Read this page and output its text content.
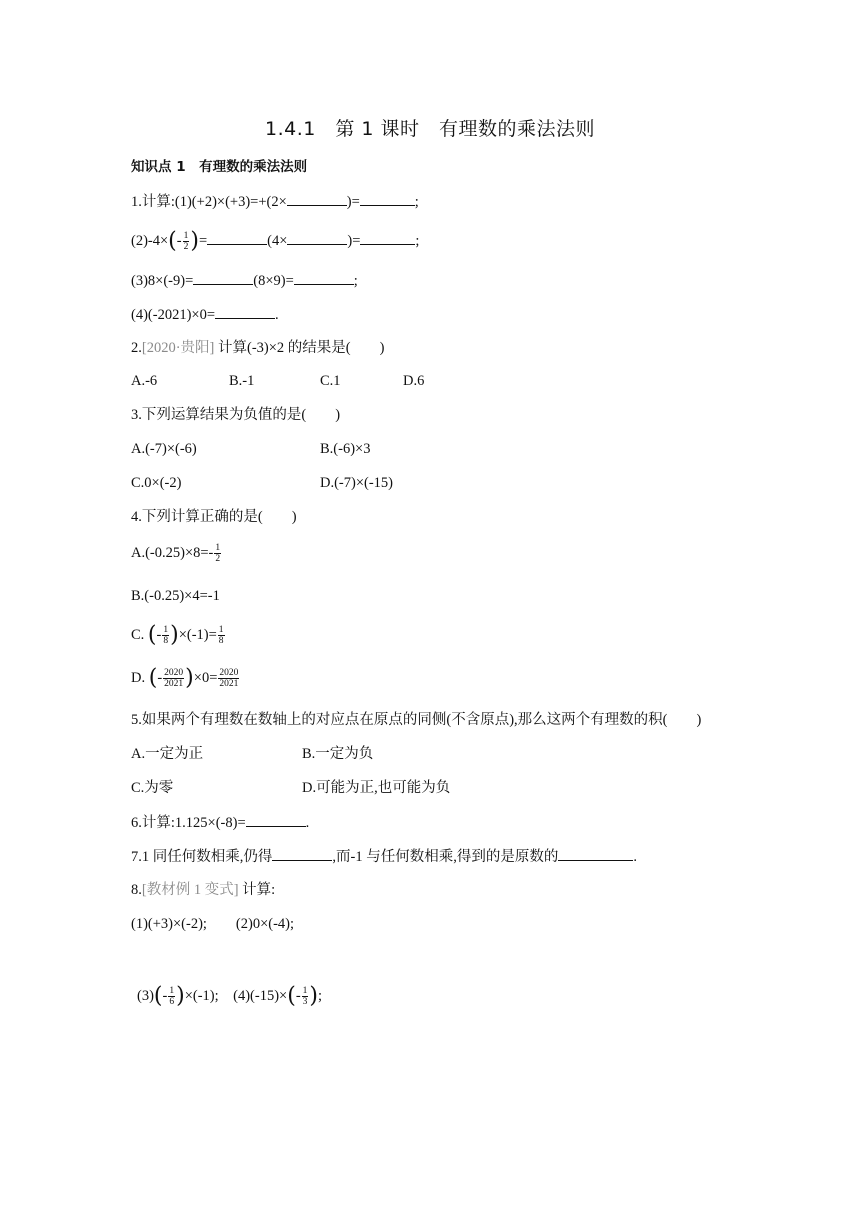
1.4.1　第 1 课时　有理数的乘法法则
知识点 1　有理数的乘法法则
1.计算:(1)(+2)×(+3)=+(2×	)=	;
$(2)-4\times(- \frac{1}{2}$ )=	(4×	)=	;
(3)8×(-9)=	(8×9)=	;
(4)(-2021)×0=	.
2.[2020·贵阳] 计算(-3)×2 的结果是(　　)
A.-6	B.-1	C.1	D.6
3.下列运算结果为负值的是(　　)
A.(-7)×(-6)	B.(-6)×3
C.0×(-2)	D.(-7)×(-15)
4.下列计算正确的是(　　)
$A.(-0.25)\times 8=- \frac{1}{2}$
B.(-0.25)×4=-1
C. (- $\frac{1}{8} )\times(-1)= \frac{1}{8}$
D. (- $\frac{2020}{2021} )\times 0= \frac{2020}{2021}$
5.如果两个有理数在数轴上的对应点在原点的同侧(不含原点),那么这两个有理数的积(　　)
A.一定为正	B.一定为负
C.为零	D.可能为正,也可能为负
6.计算:1.125×(-8)=	.
7.1 同任何数相乘,仍得	,而-1 与任何数相乘,得到的是原数的	.
8.[教材例 1 变式] 计算:
(1)(+3)×(-2);　　(2)0×(-4);
$(3)(- \frac{1}{6} )\times(-1)$;　$(4)(-15)\times(- \frac{1}{3}$ );
